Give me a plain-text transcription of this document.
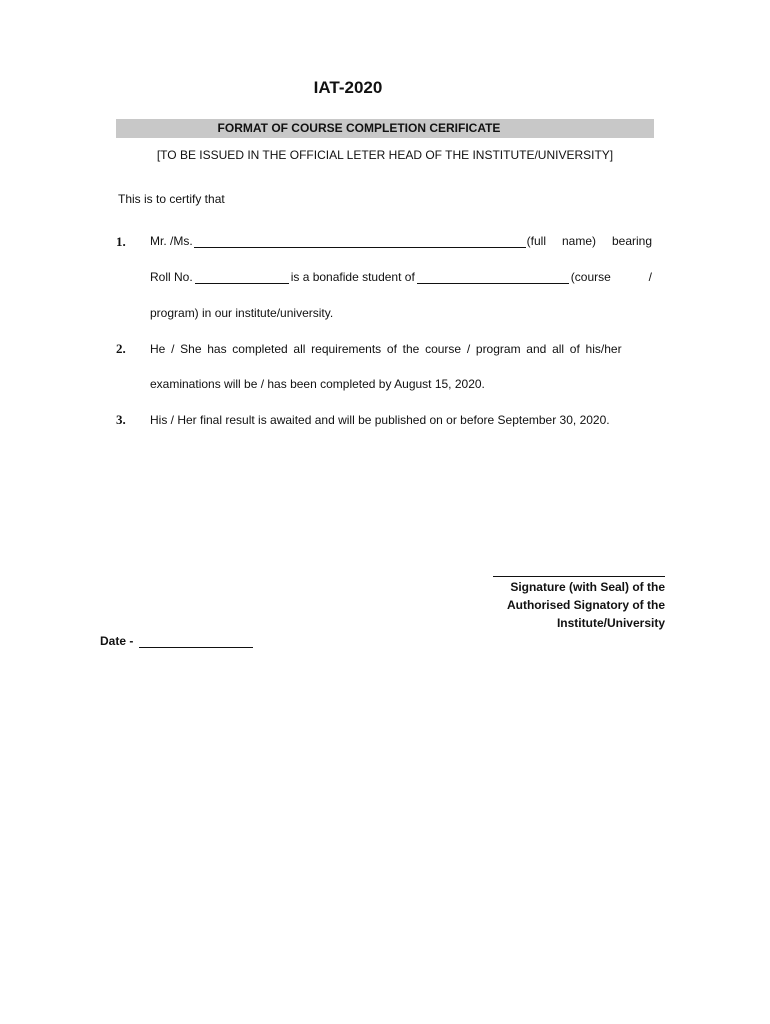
IAT-2020
FORMAT OF COURSE COMPLETION CERIFICATE
[TO BE ISSUED IN THE OFFICIAL LETER HEAD OF THE INSTITUTE/UNIVERSITY]
This is to certify that
1. Mr. /Ms.	(full name) bearing
Roll No.	is a bonafide student of	(course	/
program) in our institute/university.
2. He / She has completed all requirements of the course / program and all of his/her
examinations will be / has been completed by August 15, 2020.
3. His / Her final result is awaited and will be published on or before September 30, 2020.
Signature (with Seal) of the
Authorised Signatory of the
Institute/University
Date -
